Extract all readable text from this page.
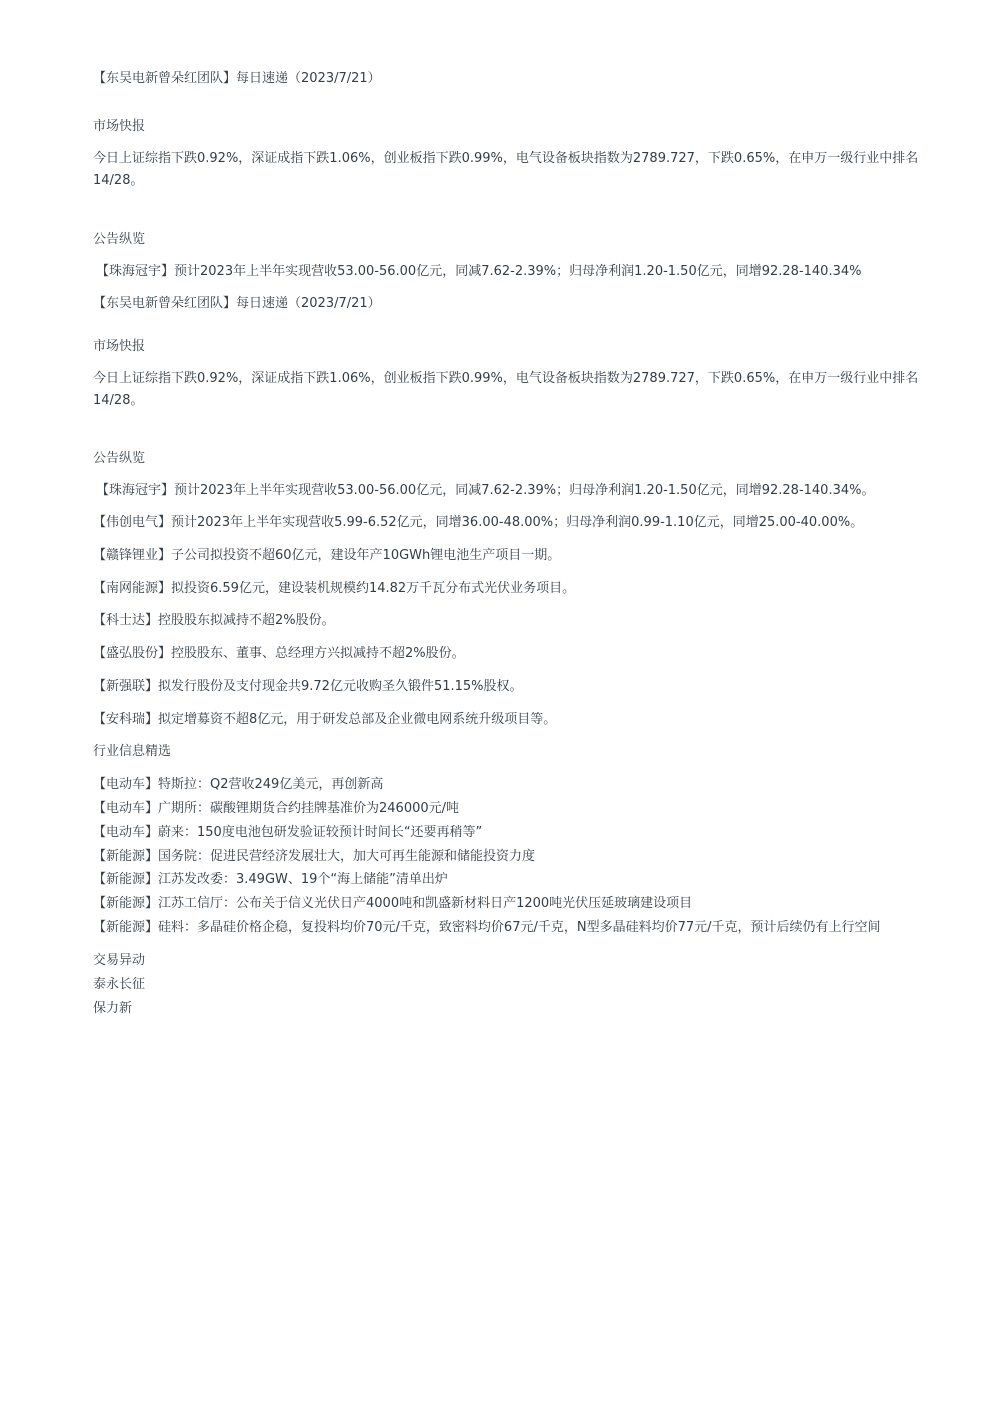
【东吴电新曾朵红团队】每日速递（2023/7/21）
市场快报
今日上证综指下跌0.92%，深证成指下跌1.06%，创业板指下跌0.99%，电气设备板块指数为2789.727，下跌0.65%，在申万一级行业中排名14/28。
公告纵览
【珠海冠宇】预计2023年上半年实现营收53.00-56.00亿元，同减7.62-2.39%；归母净利润1.20-1.50亿元，同增92.28-140.34%
【东吴电新曾朵红团队】每日速递（2023/7/21）
市场快报
今日上证综指下跌0.92%，深证成指下跌1.06%，创业板指下跌0.99%，电气设备板块指数为2789.727，下跌0.65%，在申万一级行业中排名14/28。
公告纵览
【珠海冠宇】预计2023年上半年实现营收53.00-56.00亿元，同减7.62-2.39%；归母净利润1.20-1.50亿元，同增92.28-140.34%。
【伟创电气】预计2023年上半年实现营收5.99-6.52亿元，同增36.00-48.00%；归母净利润0.99-1.10亿元，同增25.00-40.00%。
【赣锋锂业】子公司拟投资不超60亿元，建设年产10GWh锂电池生产项目一期。
【南网能源】拟投资6.59亿元，建设装机规模约14.82万千瓦分布式光伏业务项目。
【科士达】控股股东拟减持不超2%股份。
【盛弘股份】控股股东、董事、总经理方兴拟减持不超2%股份。
【新强联】拟发行股份及支付现金共9.72亿元收购圣久锻件51.15%股权。
【安科瑞】拟定增募资不超8亿元，用于研发总部及企业微电网系统升级项目等。
行业信息精选
【电动车】特斯拉：Q2营收249亿美元，再创新高
【电动车】广期所：碳酸锂期货合约挂牌基准价为246000元/吨
【电动车】蔚来：150度电池包研发验证较预计时间长“还要再稍等”
【新能源】国务院：促进民营经济发展壮大，加大可再生能源和储能投资力度
【新能源】江苏发改委：3.49GW、19个“海上储能”清单出炉
【新能源】江苏工信厅：公布关于信义光伏日产4000吨和凯盛新材料日产1200吨光伏压延玻璃建设项目
【新能源】硅料：多晶硅价格企稳，复投料均价70元/千克，致密料均价67元/千克，N型多晶硅料均价77元/千克，预计后续仍有上行空间
交易异动
泰永长征
保力新
